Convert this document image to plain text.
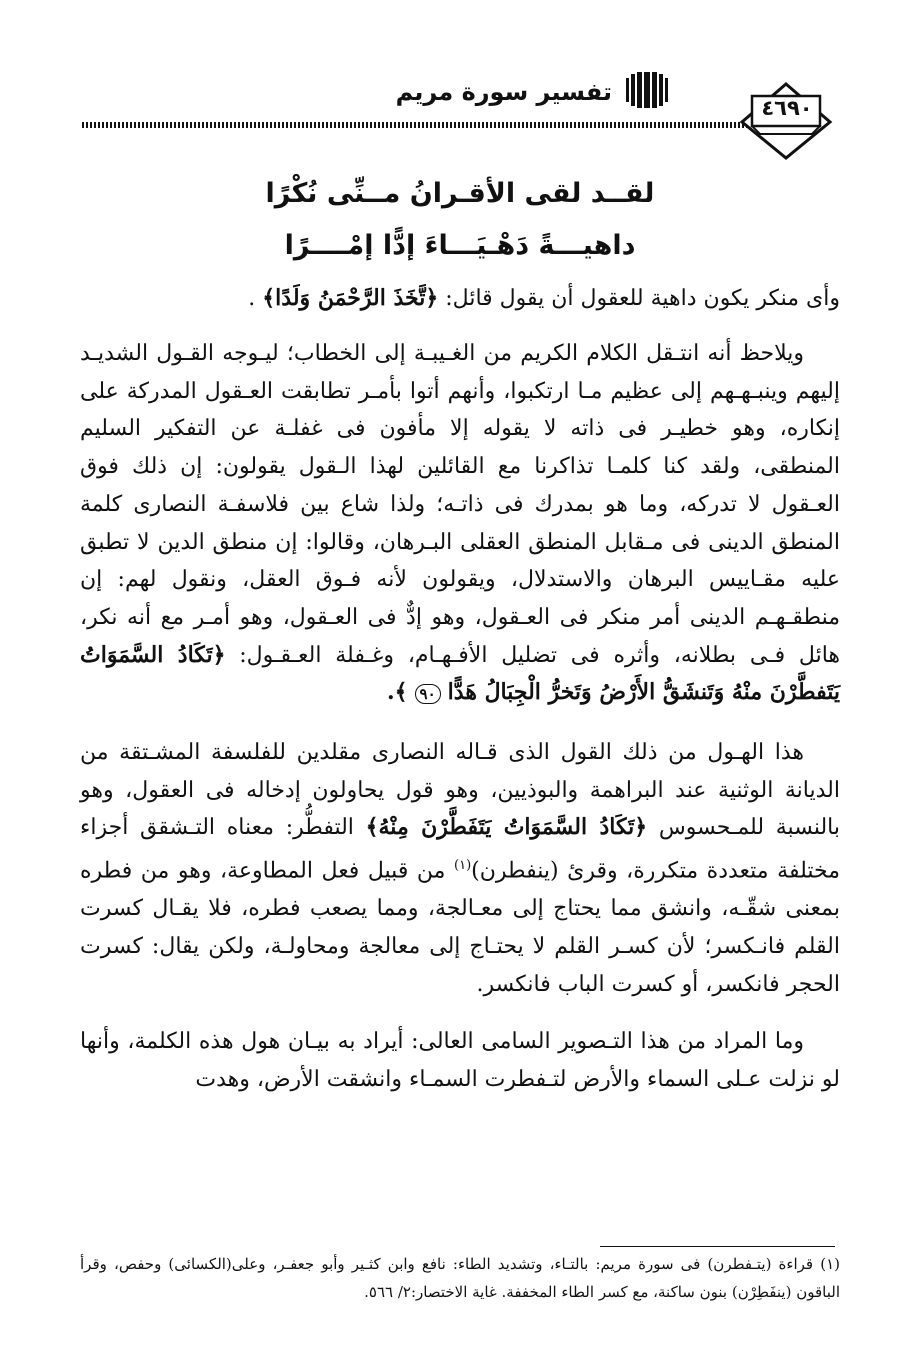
تفسير سورة مريم
٤٦٩٠

لقــد لقى الأقـرانُ مــنِّى نُكْرًا

داهيـــةً دَهْـيَـــاءَ إدًّا إمْــــرًا

وأى منكر يكون داهية للعقول أن يقول قائل: ﴿تَّخَذَ الرَّحْمَنُ وَلَدًا﴾ .

ويلاحظ أنه انتـقل الكلام الكريم من الغـيبـة إلى الخطاب؛ ليـوجه القـول الشديـد إليهم وينبـهـهم إلى عظيم مـا ارتكبوا، وأنهم أتوا بأمـر تطابقت العـقول المدركة على إنكاره، وهو خطيـر فى ذاته لا يقوله إلا مأفون فى غفلـة عن التفكير السليم المنطقى، ولقد كنا كلمـا تذاكرنا مع القائلين لهذا الـقول يقولون: إن ذلك فوق العـقول لا تدركه، وما هو بمدرك فى ذاتـه؛ ولذا شاع بين فلاسفـة النصارى كلمة المنطق الدينى فى مـقابل المنطق العقلى البـرهان، وقالوا: إن منطق الدين لا تطبق عليه مقـاييس البرهان والاستدلال، ويقولون لأنه فـوق العقل، ونقول لهم: إن منطقـهـم الدينى أمر منكر فى العـقول، وهو إدٌّ فى العـقول، وهو أمـر مع أنه نكر، هائل فـى بطلانه، وأثره فى تضليل الأفـهـام، وغـفلة العـقـول: ﴿تَكَادُ السَّمَوَاتُ يَتَفطَّرْنَ منْهُ وَتَنشَقُّ الأَرْضُ وَتَخرُّ الْجِبَالُ هَدًّا ٩٠ ﴾.

هذا الهـول من ذلك القول الذى قـاله النصارى مقلدين للفلسفة المشـتقة من الديانة الوثنية عند البراهمة والبوذيين، وهو قول يحاولون إدخاله فى العقول، وهو بالنسبة للمـحسوس ﴿تَكَادُ السَّمَوَاتُ يَتَفَطَّرْنَ مِنْهُ﴾ التفطُّر: معناه التـشقق أجزاء مختلفة متعددة متكررة، وقرئ (ينفطرن)$^{(١)}$ من قبيل فعل المطاوعة، وهو من فطره بمعنى شقّـه، وانشق مما يحتاج إلى معـالجة، ومما يصعب فطره، فلا يقـال كسرت القلم فانـكسر؛ لأن كسـر القلم لا يحتـاج إلى معالجة ومحاولـة، ولكن يقال: كسرت الحجر فانكسر، أو كسرت الباب فانكسر.

وما المراد من هذا التـصوير السامى العالى: أيراد به بيـان هول هذه الكلمة، وأنها لو نزلت عـلى السماء والأرض لتـفطرت السمـاء وانشقت الأرض، وهدت

(١) قراءة (يتـفطرن) فى سورة مريم: بالتـاء، وتشديد الطاء: نافع وابن كثـير وأبو جعفـر، وعلى(الكسائى) وحفص، وقرأ الباقون (ينفَطِرْن) بنون ساكنة، مع كسر الطاء المخففة. غاية الاختصار:٢/ ٥٦٦.
